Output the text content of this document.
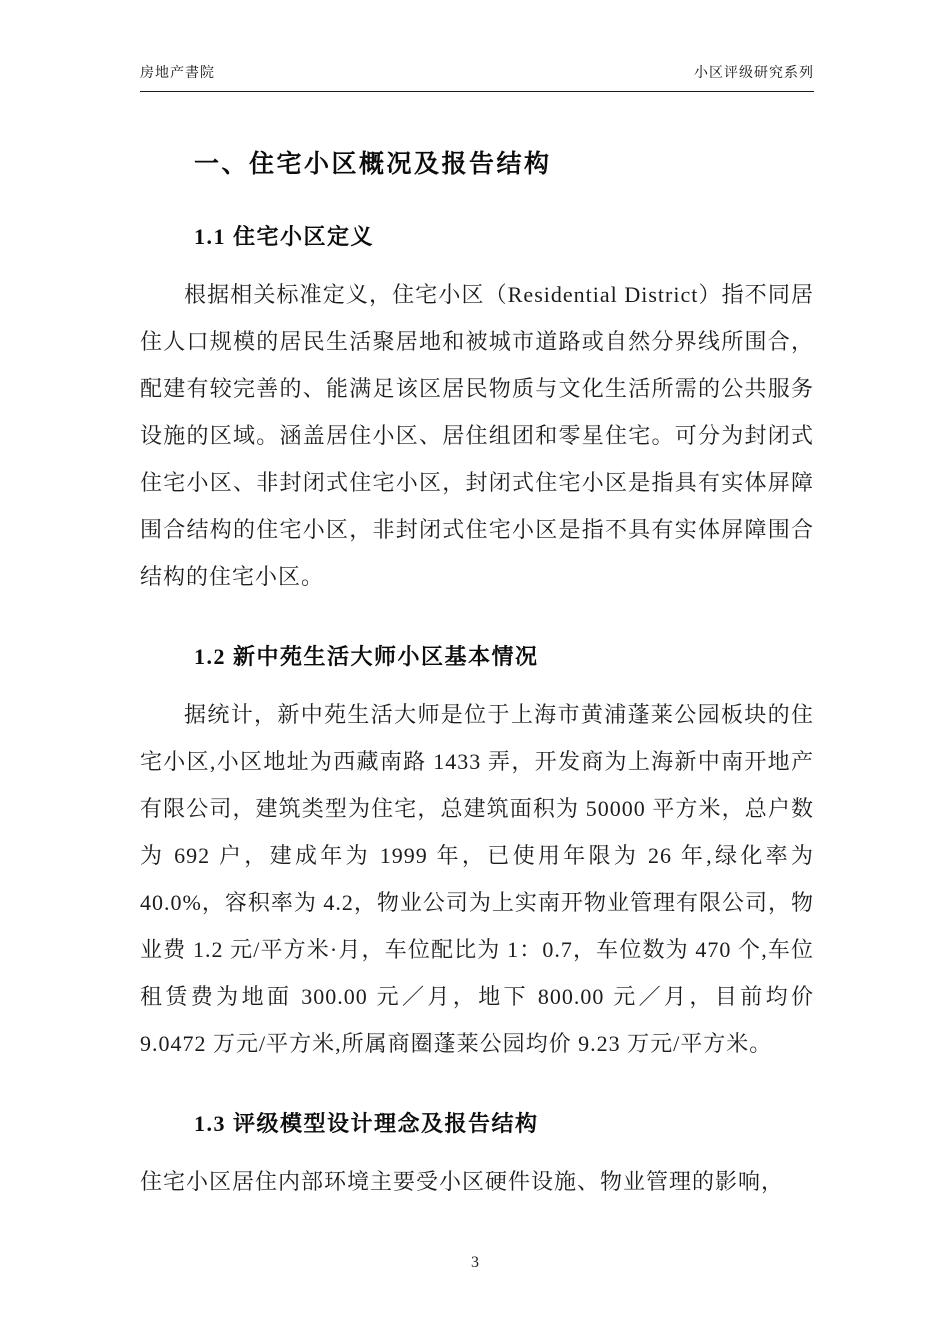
房地产書院	小区评级研究系列
一、住宅小区概况及报告结构
1.1 住宅小区定义

根据相关标准定义，住宅小区（Residential District）指不同居住人口规模的居民生活聚居地和被城市道路或自然分界线所围合，配建有较完善的、能满足该区居民物质与文化生活所需的公共服务设施的区域。涵盖居住小区、居住组团和零星住宅。可分为封闭式住宅小区、非封闭式住宅小区，封闭式住宅小区是指具有实体屏障围合结构的住宅小区，非封闭式住宅小区是指不具有实体屏障围合结构的住宅小区。

1.2 新中苑生活大师小区基本情况

据统计，新中苑生活大师是位于上海市黄浦蓬莱公园板块的住宅小区,小区地址为西藏南路 1433 弄，开发商为上海新中南开地产有限公司，建筑类型为住宅，总建筑面积为 50000 平方米，总户数为 692 户，建成年为 1999 年，已使用年限为 26 年,绿化率为 40.0%，容积率为 4.2，物业公司为上实南开物业管理有限公司，物业费 1.2 元/平方米·月，车位配比为 1：0.7，车位数为 470 个,车位租赁费为地面 300.00 元／月，地下 800.00 元／月，目前均价 9.0472 万元/平方米,所属商圈蓬莱公园均价 9.23 万元/平方米。

1.3 评级模型设计理念及报告结构

住宅小区居住内部环境主要受小区硬件设施、物业管理的影响，

3
